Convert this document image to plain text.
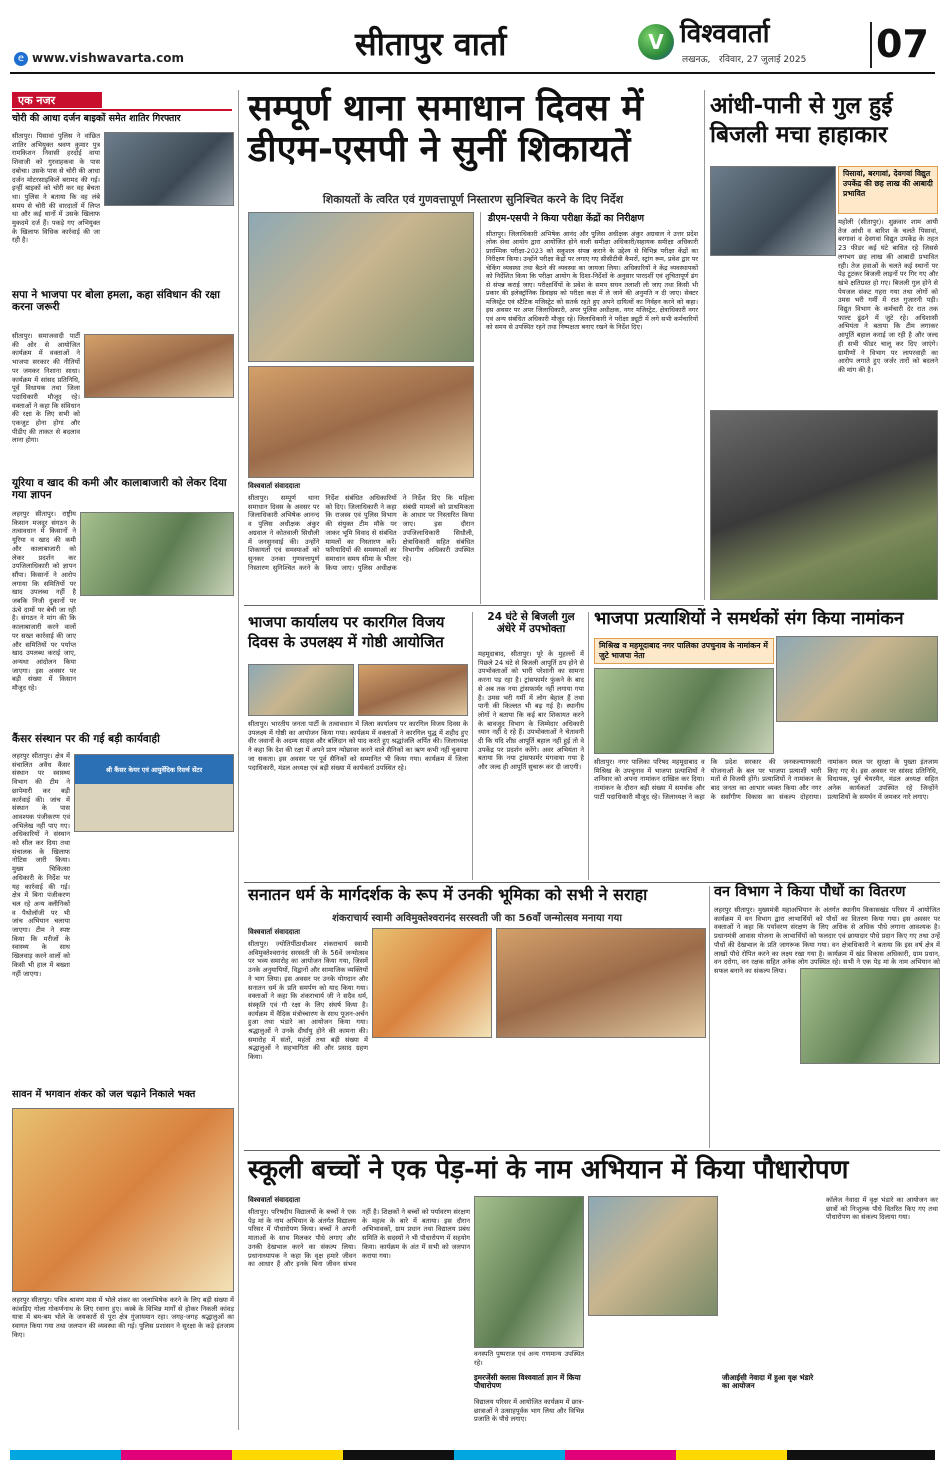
e www.vishwavarta.com	सीतापुर वार्ता	V विश्ववार्ता
लखनऊ,   रविवार, 27 जुलाई 2025	07
एक नजर
चोरी की आधा दर्जन बाइकों समेत शातिर गिरफ्तार
सीतापुर। पिसावां पुलिस ने वांछित शातिर अभियुक्त श्रवण कुमार पुत्र रामकिशन निवासी हरदोई वाया शिवाजी को गुरवाहकवा के पास दबोचा। उसके पास से चोरी की आधा दर्जन मोटरसाइकिलें बरामद की गई। इन्हीं बाइकों को चोरी कर वह बेचता था। पुलिस ने बताया कि वह लंबे समय से चोरी की वारदातों में लिप्त था और कई थानों में उसके खिलाफ मुकदमे दर्ज हैं। पकड़े गए अभियुक्त के खिलाफ विधिक कार्रवाई की जा रही है।
सपा ने भाजपा पर बोला हमला, कहा संविधान की रक्षा करना जरूरी
सीतापुर। समाजवादी पार्टी की ओर से आयोजित कार्यक्रम में वक्ताओं ने भाजपा सरकार की नीतियों पर जमकर निशाना साधा। कार्यक्रम में सांसद प्रतिनिधि, पूर्व विधायक तथा जिला पदाधिकारी मौजूद रहे। वक्ताओं ने कहा कि संविधान की रक्षा के लिए सभी को एकजुट होना होगा और पीडीए की ताकत से बदलाव लाना होगा।
यूरिया व खाद की कमी और कालाबाजारी को लेकर दिया गया ज्ञापन
लहरपुर सीतापुर। राष्ट्रीय किसान मजदूर संगठन के तत्वावधान में किसानों ने यूरिया व खाद की कमी और कालाबाजारी को लेकर प्रदर्शन कर उपजिलाधिकारी को ज्ञापन सौंपा। किसानों ने आरोप लगाया कि समितियों पर खाद उपलब्ध नहीं है जबकि निजी दुकानों पर ऊंचे दामों पर बेची जा रही है। संगठन ने मांग की कि कालाबाजारी करने वालों पर सख्त कार्रवाई की जाए और समितियों पर पर्याप्त खाद उपलब्ध कराई जाए, अन्यथा आंदोलन किया जाएगा। इस अवसर पर बड़ी संख्या में किसान मौजूद रहे।
कैंसर संस्थान पर की गई बड़ी कार्यवाही
लहरपुर सीतापुर। क्षेत्र में संचालित अवैध कैंसर संस्थान पर स्वास्थ्य विभाग की टीम ने छापेमारी कर बड़ी कार्रवाई की। जांच में संस्थान के पास आवश्यक पंजीकरण एवं अभिलेख नहीं पाए गए। अधिकारियों ने संस्थान को सील कर दिया तथा संचालक के खिलाफ नोटिस जारी किया। मुख्य चिकित्सा अधिकारी के निर्देश पर यह कार्रवाई की गई। क्षेत्र में बिना पंजीकरण चल रहे अन्य क्लीनिकों व पैथोलॉजी पर भी जांच अभियान चलाया जाएगा। टीम ने स्पष्ट किया कि मरीजों के स्वास्थ्य के साथ खिलवाड़ करने वालों को किसी भी हाल में बख्शा नहीं जाएगा।
श्री कैंसर केयर एवं आयुर्वेदिक रिसर्च सेंटर
सावन में भगवान शंकर को जल चढ़ाने निकाले भक्त
लहरपुर सीतापुर। पवित्र श्रावण मास में भोले शंकर का जलाभिषेक करने के लिए बड़ी संख्या में कांवड़िए गोला गोकर्णनाथ के लिए रवाना हुए। कस्बे के विभिन्न मार्गों से होकर निकली कांवड़ यात्रा में बम-बम भोले के जयकारों से पूरा क्षेत्र गुंजायमान रहा। जगह-जगह श्रद्धालुओं का स्वागत किया गया तथा जलपान की व्यवस्था की गई। पुलिस प्रशासन ने सुरक्षा के कड़े इंतजाम किए।
सम्पूर्ण थाना समाधान दिवस में डीएम-एसपी ने सुनीं शिकायतें
शिकायतों के त्वरित एवं गुणवत्तापूर्ण निस्तारण सुनिश्चित करने के दिए निर्देश
विश्ववार्ता संवाददाता
सीतापुर। सम्पूर्ण थाना समाधान दिवस के अवसर पर जिलाधिकारी अभिषेक आनन्द व पुलिस अधीक्षक अंकुर अग्रवाल ने कोतवाली सिधौली में जनसुनवाई की। उन्होंने शिकायतों एवं समस्याओं को सुनकर उनका गुणवत्तापूर्ण निस्तारण सुनिश्चित करने के निर्देश संबंधित अधिकारियों को दिए। जिलाधिकारी ने कहा कि राजस्व एवं पुलिस विभाग की संयुक्त टीम मौके पर जाकर भूमि विवाद से संबंधित मामलों का निस्तारण करें। फरियादियों की समस्याओं का समाधान समय सीमा के भीतर किया जाए। पुलिस अधीक्षक ने निर्देश दिए कि महिला संबंधी मामलों को प्राथमिकता के आधार पर निस्तारित किया जाए। इस दौरान उपजिलाधिकारी सिधौली, क्षेत्राधिकारी सहित संबंधित विभागीय अधिकारी उपस्थित रहे।
डीएम-एसपी ने किया परीक्षा केंद्रों का निरीक्षण
सीतापुर। जिलाधिकारी अभिषेक आनंद और पुलिस अधीक्षक अंकुर अग्रवाल ने उत्तर प्रदेश लोक सेवा आयोग द्वारा आयोजित होने वाली समीक्षा अधिकारी/सहायक समीक्षा अधिकारी प्रारम्भिक परीक्षा-2023 को सकुशल संपन्न कराने के उद्देश्य से विभिन्न परीक्षा केंद्रों का निरीक्षण किया। उन्होंने परीक्षा केंद्रों पर लगाए गए सीसीटीवी कैमरों, स्ट्रांग रूम, प्रवेश द्वार पर चेकिंग व्यवस्था तथा बैठने की व्यवस्था का जायजा लिया। अधिकारियों ने केंद्र व्यवस्थापकों को निर्देशित किया कि परीक्षा आयोग के दिशा-निर्देशों के अनुसार पारदर्शी एवं शुचितापूर्ण ढंग से संपन्न कराई जाए। परीक्षार्थियों के प्रवेश के समय सघन तलाशी ली जाए तथा किसी भी प्रकार की इलेक्ट्रॉनिक डिवाइस को परीक्षा कक्ष में ले जाने की अनुमति न दी जाए। सेक्टर मजिस्ट्रेट एवं स्टैटिक मजिस्ट्रेट को सतर्क रहते हुए अपने दायित्वों का निर्वहन करने को कहा। इस अवसर पर अपर जिलाधिकारी, अपर पुलिस अधीक्षक, नगर मजिस्ट्रेट, क्षेत्राधिकारी नगर एवं अन्य संबंधित अधिकारी मौजूद रहे। जिलाधिकारी ने परीक्षा ड्यूटी में लगे सभी कर्मचारियों को समय से उपस्थित रहने तथा निष्पक्षता बनाए रखने के निर्देश दिए।
आंधी-पानी से गुल हुई बिजली मचा हाहाकार
पिसावां, बरगावां, देवगवां विद्युत उपकेंद्र की छह लाख की आबादी प्रभावित
महोली (सीतापुर)। शुक्रवार शाम आयी तेज आंधी व बारिश के चलते पिसावां, बरगावां व देवगवां विद्युत उपकेंद्र के तहत 23 फीडर कई घंटे बाधित रहे जिससे लगभग छह लाख की आबादी प्रभावित रही। तेज हवाओं के चलते कई स्थानों पर पेड़ टूटकर बिजली लाइनों पर गिर गए और खंभे क्षतिग्रस्त हो गए। बिजली गुल होने से पेयजल संकट गहरा गया तथा लोगों को उमस भरी गर्मी में रात गुजारनी पड़ी। विद्युत विभाग के कर्मचारी देर रात तक फाल्ट ढूंढने में जुटे रहे। अधिशासी अभियंता ने बताया कि टीम लगाकर आपूर्ति बहाल कराई जा रही है और जल्द ही सभी फीडर चालू कर दिए जाएंगे। ग्रामीणों ने विभाग पर लापरवाही का आरोप लगाते हुए जर्जर तारों को बदलने की मांग की है।
भाजपा कार्यालय पर कारगिल विजय दिवस के उपलक्ष्य में गोष्ठी आयोजित
सीतापुर। भारतीय जनता पार्टी के तत्वावधान में जिला कार्यालय पर कारगिल विजय दिवस के उपलक्ष्य में गोष्ठी का आयोजन किया गया। कार्यक्रम में वक्ताओं ने कारगिल युद्ध में शहीद हुए वीर जवानों के अदम्य साहस और बलिदान को याद करते हुए श्रद्धांजलि अर्पित की। जिलाध्यक्ष ने कहा कि देश की रक्षा में अपने प्राण न्योछावर करने वाले सैनिकों का ऋण कभी नहीं चुकाया जा सकता। इस अवसर पर पूर्व सैनिकों को सम्मानित भी किया गया। कार्यक्रम में जिला पदाधिकारी, मंडल अध्यक्ष एवं बड़ी संख्या में कार्यकर्ता उपस्थित रहे।
24 घंटे से बिजली गुल अंधेरे में उपभोक्ता
महमूदाबाद, सीतापुर। पूरे के मुहल्लों में पिछले 24 घंटे से बिजली आपूर्ति ठप होने से उपभोक्ताओं को भारी परेशानी का सामना करना पड़ रहा है। ट्रांसफार्मर फुंकने के बाद से अब तक नया ट्रांसफार्मर नहीं लगाया गया है। उमस भरी गर्मी में लोग बेहाल हैं तथा पानी की किल्लत भी बढ़ गई है। स्थानीय लोगों ने बताया कि कई बार शिकायत करने के बावजूद विभाग के जिम्मेदार अधिकारी ध्यान नहीं दे रहे हैं। उपभोक्ताओं ने चेतावनी दी कि यदि शीघ्र आपूर्ति बहाल नहीं हुई तो वे उपकेंद्र पर प्रदर्शन करेंगे। अवर अभियंता ने बताया कि नया ट्रांसफार्मर मंगवाया गया है और जल्द ही आपूर्ति सुचारू कर दी जाएगी।
भाजपा प्रत्याशियों ने समर्थकों संग किया नामांकन
मिश्रिख व महमूदाबाद नगर पालिका उपचुनाव के नामांकन में जुटे भाजपा नेता
सीतापुर। नगर पालिका परिषद महमूदाबाद व मिश्रिख के उपचुनाव में भाजपा प्रत्याशियों ने शनिवार को अपना नामांकन दाखिल कर दिया। नामांकन के दौरान बड़ी संख्या में समर्थक और पार्टी पदाधिकारी मौजूद रहे। जिलाध्यक्ष ने कहा कि प्रदेश सरकार की जनकल्याणकारी योजनाओं के बल पर भाजपा प्रत्याशी भारी मतों से विजयी होंगे। प्रत्याशियों ने नामांकन के बाद जनता का आभार व्यक्त किया और नगर के सर्वांगीण विकास का संकल्प दोहराया। नामांकन स्थल पर सुरक्षा के पुख्ता इंतजाम किए गए थे। इस अवसर पर सांसद प्रतिनिधि, विधायक, पूर्व चेयरमैन, मंडल अध्यक्ष सहित अनेक कार्यकर्ता उपस्थित रहे जिन्होंने प्रत्याशियों के समर्थन में जमकर नारे लगाए।
सनातन धर्म के मार्गदर्शक के रूप में उनकी भूमिका को सभी ने सराहा
शंकराचार्य स्वामी अविमुक्तेश्वरानंद सरस्वती जी का 56वाँ जन्मोत्सव मनाया गया
विश्ववार्ता संवाददाता
सीतापुर। ज्योतिर्पीठाधीश्वर शंकराचार्य स्वामी अविमुक्तेश्वरानंद सरस्वती जी के 56वें जन्मोत्सव पर भव्य समारोह का आयोजन किया गया, जिसमें उनके अनुयायियों, विद्वानों और सामाजिक व्यक्तियों ने भाग लिया। इस अवसर पर उनके योगदान और सनातन धर्म के प्रति समर्पण को याद किया गया। वक्ताओं ने कहा कि शंकराचार्य जी ने सदैव धर्म, संस्कृति एवं गौ रक्षा के लिए संघर्ष किया है। कार्यक्रम में वैदिक मंत्रोच्चारण के साथ पूजन-अर्चन हुआ तथा भंडारे का आयोजन किया गया। श्रद्धालुओं ने उनके दीर्घायु होने की कामना की। समारोह में संतों, महंतों तथा बड़ी संख्या में श्रद्धालुओं ने सहभागिता की और प्रसाद ग्रहण किया।
वन विभाग ने किया पौधों का वितरण
लहरपुर सीतापुर। मुख्यमंत्री महाअभियान के अंतर्गत स्थानीय विकासखंड परिसर में आयोजित कार्यक्रम में वन विभाग द्वारा लाभार्थियों को पौधों का वितरण किया गया। इस अवसर पर वक्ताओं ने कहा कि पर्यावरण संरक्षण के लिए अधिक से अधिक पौधे लगाना आवश्यक है। प्रधानमंत्री आवास योजना के लाभार्थियों को फलदार एवं छायादार पौधे प्रदान किए गए तथा उन्हें पौधों की देखभाल के प्रति जागरूक किया गया। वन क्षेत्राधिकारी ने बताया कि इस वर्ष क्षेत्र में लाखों पौधे रोपित करने का लक्ष्य रखा गया है। कार्यक्रम में खंड विकास अधिकारी, ग्राम प्रधान, वन दरोगा, वन रक्षक सहित अनेक लोग उपस्थित रहे। सभी ने एक पेड़ मां के नाम अभियान को सफल बनाने का संकल्प लिया।
स्कूली बच्चों ने एक पेड़-मां के नाम अभियान में किया पौधारोपण
विश्ववार्ता संवाददाता
सीतापुर। परिषदीय विद्यालयों के बच्चों ने एक पेड़ मां के नाम अभियान के अंतर्गत विद्यालय परिसर में पौधारोपण किया। बच्चों ने अपनी माताओं के साथ मिलकर पौधे लगाए और उनकी देखभाल करने का संकल्प लिया। प्रधानाध्यापक ने कहा कि वृक्ष हमारे जीवन का आधार हैं और इनके बिना जीवन संभव नहीं है। शिक्षकों ने बच्चों को पर्यावरण संरक्षण के महत्व के बारे में बताया। इस दौरान अभिभावकों, ग्राम प्रधान तथा विद्यालय प्रबंध समिति के सदस्यों ने भी पौधारोपण में सहयोग किया। कार्यक्रम के अंत में सभी को जलपान कराया गया।
वनस्पति पुष्पराज एवं अन्य गणमान्य उपस्थित रहे।
इमरजेंसी क्लास विश्ववार्ता ज्ञान में किया पौधारोपण
विद्यालय परिसर में आयोजित कार्यक्रम में छात्र-छात्राओं ने उत्साहपूर्वक भाग लिया और विभिन्न प्रजाति के पौधे लगाए।
जीआईसी नेवादा में हुआ वृक्ष भंडारे का आयोजन
कॉलेज नेवादा में वृक्ष भंडारे का आयोजन कर छात्रों को निःशुल्क पौधे वितरित किए गए तथा पौधारोपण का संकल्प दिलाया गया।
